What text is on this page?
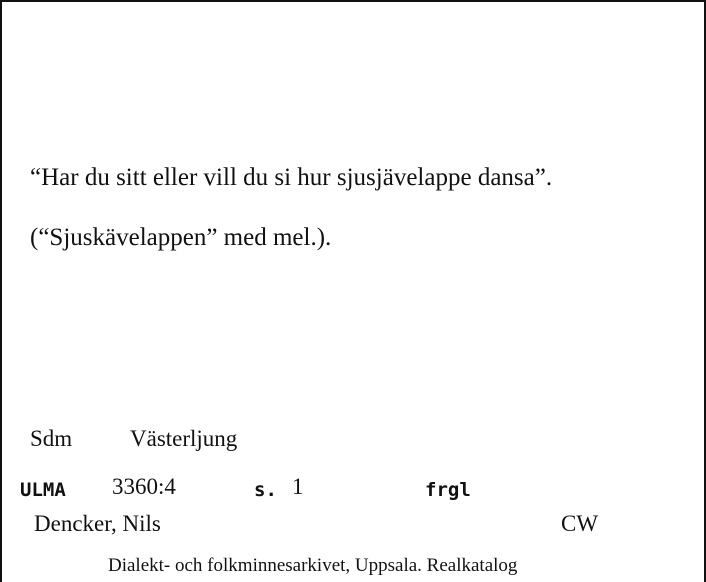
“Har du sitt eller vill du si hur sjusjävelappe dansa”.
(“Sjuskävelappen” med mel.).
Sdm	Västerljung
ULMA 3360:4	s. 1	frgl
Dencker, Nils	CW
Dialekt- och folkminnesarkivet, Uppsala. Realkatalog
